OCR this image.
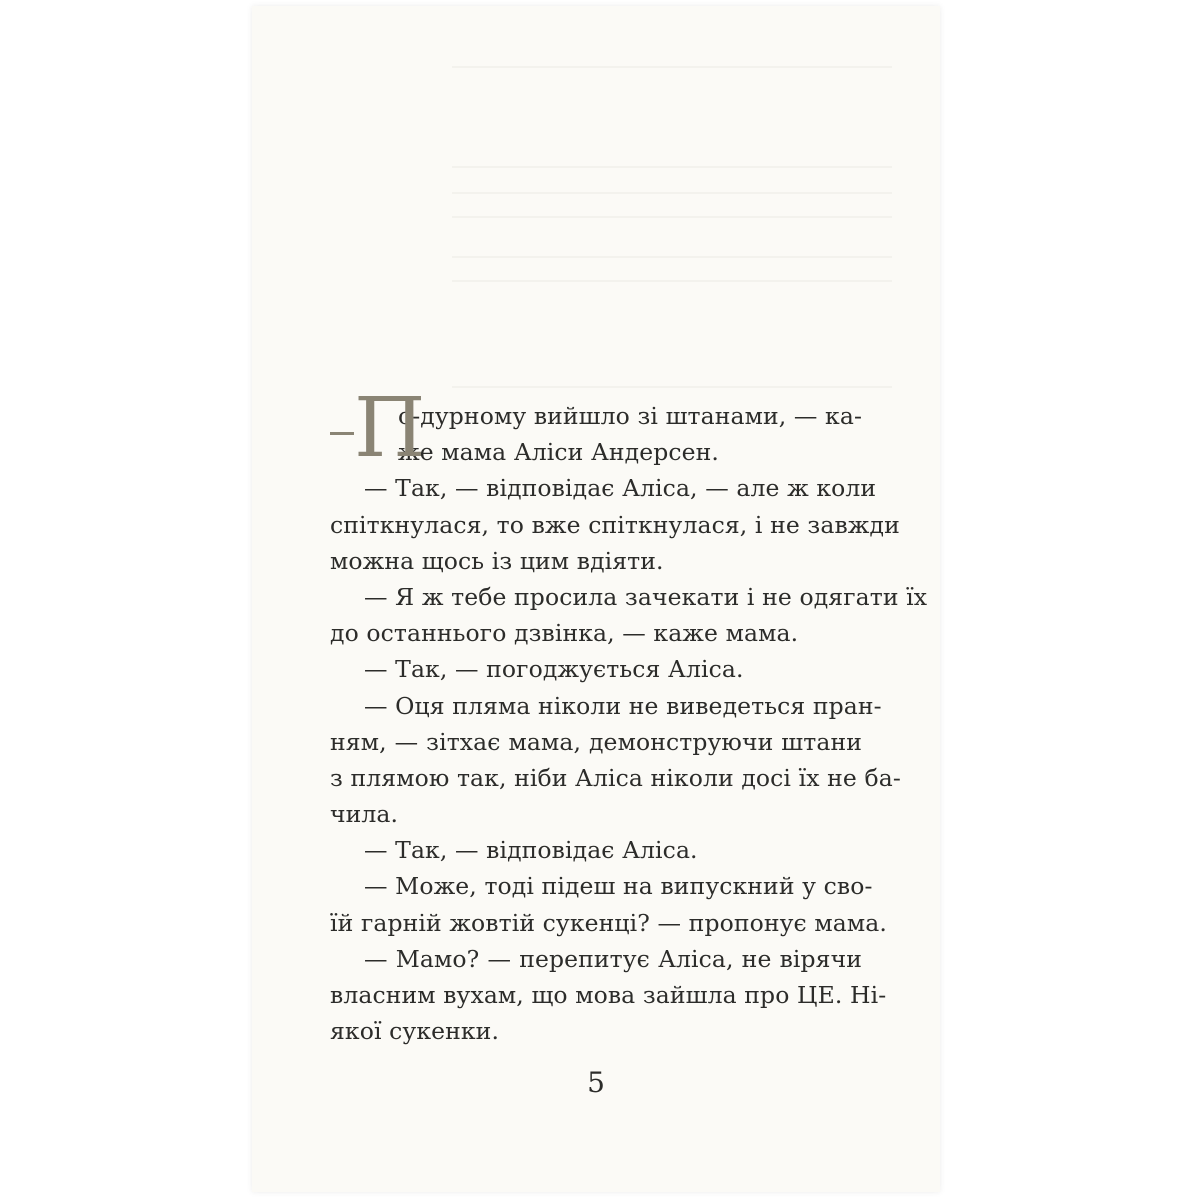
П
о-дурному вийшло зі штанами, — ка-
же мама Аліси Андерсен.
— Так, — відповідає Аліса, — але ж коли
спіткнулася, то вже спіткнулася, і не завжди
можна щось із цим вдіяти.
— Я ж тебе просила зачекати і не одягати їх
до останнього дзвінка, — каже мама.
— Так, — погоджується Аліса.
— Оця пляма ніколи не виведеться пран-
ням, — зітхає мама, демонструючи штани
з плямою так, ніби Аліса ніколи досі їх не ба-
чила.
— Так, — відповідає Аліса.
— Може, тоді підеш на випускний у сво-
їй гарній жовтій сукенці? — пропонує мама.
— Мамо? — перепитує Аліса, не вірячи
власним вухам, що мова зайшла про ЦЕ. Ні-
якої сукенки.
5
